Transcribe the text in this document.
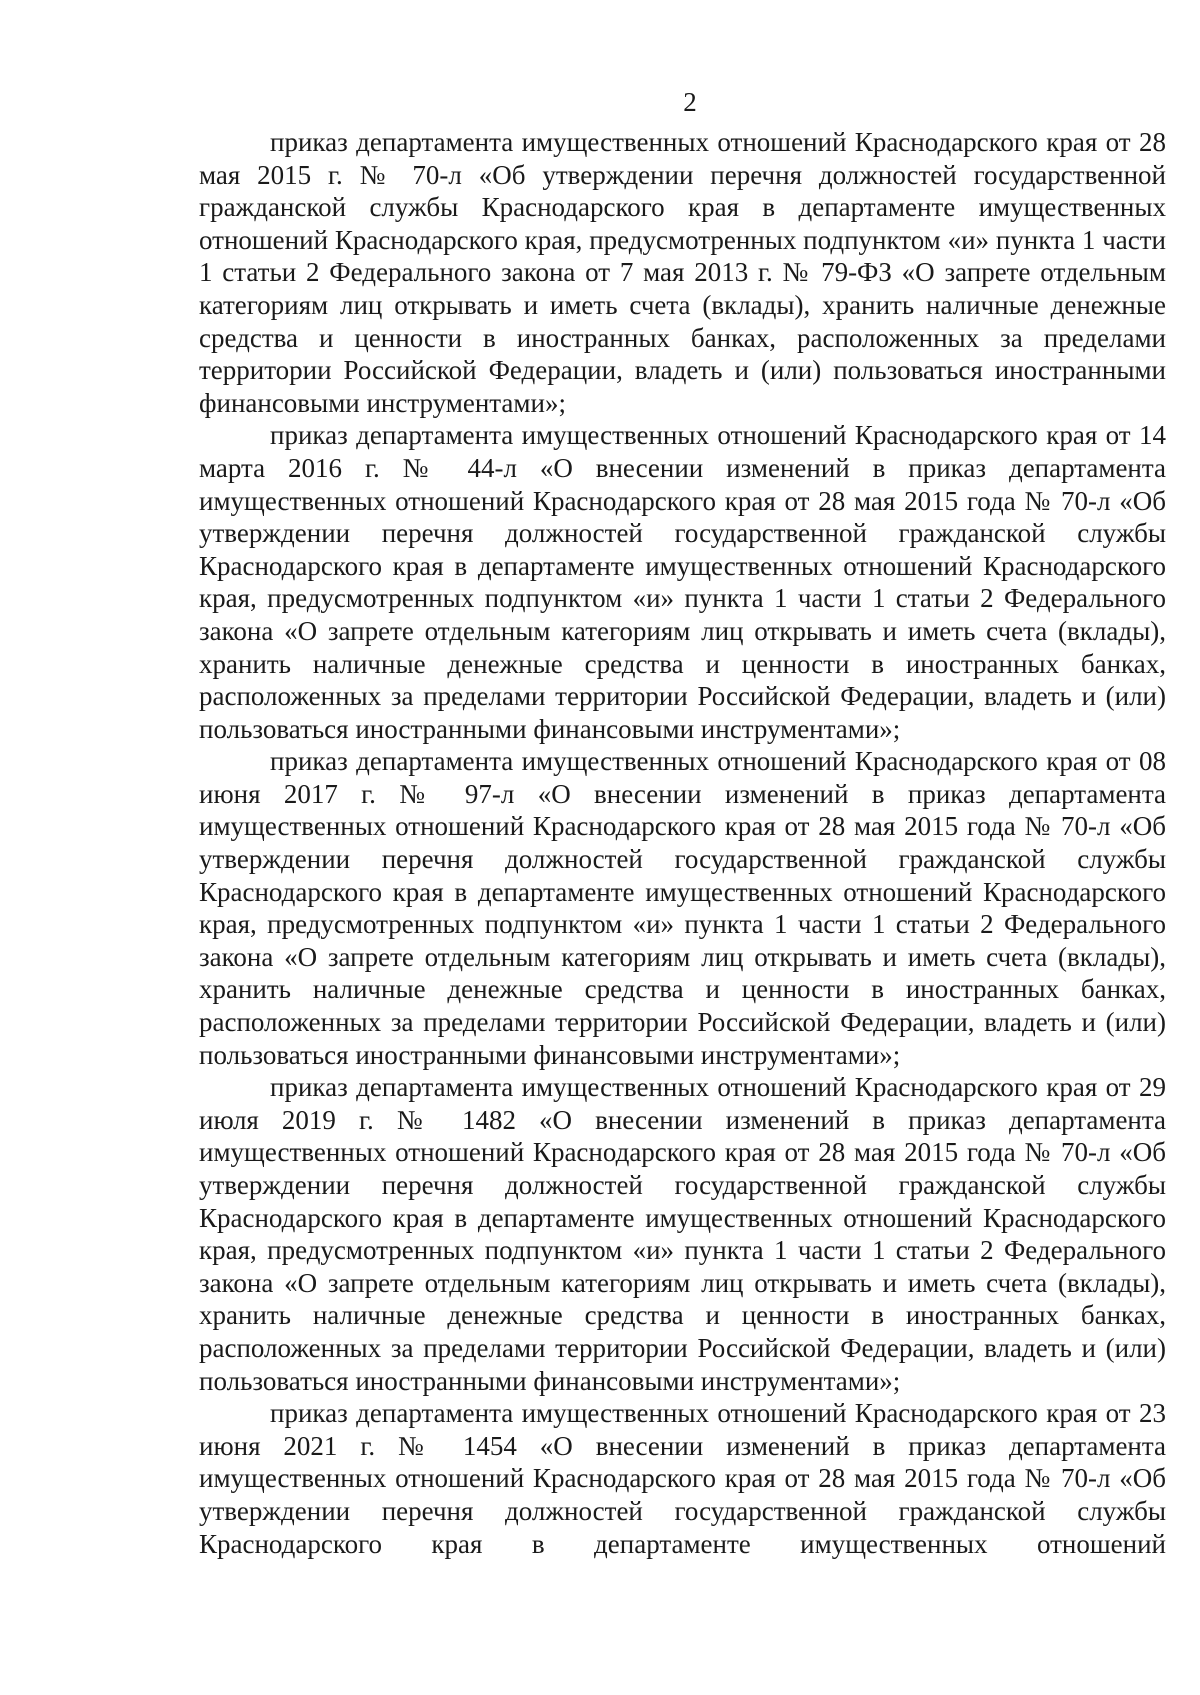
2

приказ департамента имущественных отношений Краснодарского края от 28 мая 2015 г. № 70-л «Об утверждении перечня должностей государственной гражданской службы Краснодарского края в департаменте имущественных отношений Краснодарского края, предусмотренных подпунктом «и» пункта 1 части 1 статьи 2 Федерального закона от 7 мая 2013 г. № 79-ФЗ «О запрете отдельным категориям лиц открывать и иметь счета (вклады), хранить наличные денежные средства и ценности в иностранных банках, расположенных за пределами территории Российской Федерации, владеть и (или) пользоваться иностранными финансовыми инструментами»;

приказ департамента имущественных отношений Краснодарского края от 14 марта 2016 г. № 44-л «О внесении изменений в приказ департамента имущественных отношений Краснодарского края от 28 мая 2015 года № 70-л «Об утверждении перечня должностей государственной гражданской службы Краснодарского края в департаменте имущественных отношений Краснодарского края, предусмотренных подпунктом «и» пункта 1 части 1 статьи 2 Федерального закона «О запрете отдельным категориям лиц открывать и иметь счета (вклады), хранить наличные денежные средства и ценности в иностранных банках, расположенных за пределами территории Российской Федерации, владеть и (или) пользоваться иностранными финансовыми инструментами»;

приказ департамента имущественных отношений Краснодарского края от 08 июня 2017 г. № 97-л «О внесении изменений в приказ департамента имущественных отношений Краснодарского края от 28 мая 2015 года № 70-л «Об утверждении перечня должностей государственной гражданской службы Краснодарского края в департаменте имущественных отношений Краснодарского края, предусмотренных подпунктом «и» пункта 1 части 1 статьи 2 Федерального закона «О запрете отдельным категориям лиц открывать и иметь счета (вклады), хранить наличные денежные средства и ценности в иностранных банках, расположенных за пределами территории Российской Федерации, владеть и (или) пользоваться иностранными финансовыми инструментами»;

приказ департамента имущественных отношений Краснодарского края от 29 июля 2019 г. № 1482 «О внесении изменений в приказ департамента имущественных отношений Краснодарского края от 28 мая 2015 года № 70-л «Об утверждении перечня должностей государственной гражданской службы Краснодарского края в департаменте имущественных отношений Краснодарского края, предусмотренных подпунктом «и» пункта 1 части 1 статьи 2 Федерального закона «О запрете отдельным категориям лиц открывать и иметь счета (вклады), хранить наличные денежные средства и ценности в иностранных банках, расположенных за пределами территории Российской Федерации, владеть и (или) пользоваться иностранными финансовыми инструментами»;

приказ департамента имущественных отношений Краснодарского края от 23 июня 2021 г. № 1454 «О внесении изменений в приказ департамента имущественных отношений Краснодарского края от 28 мая 2015 года № 70-л «Об утверждении перечня должностей государственной гражданской службы Краснодарского края в департаменте имущественных отношений
